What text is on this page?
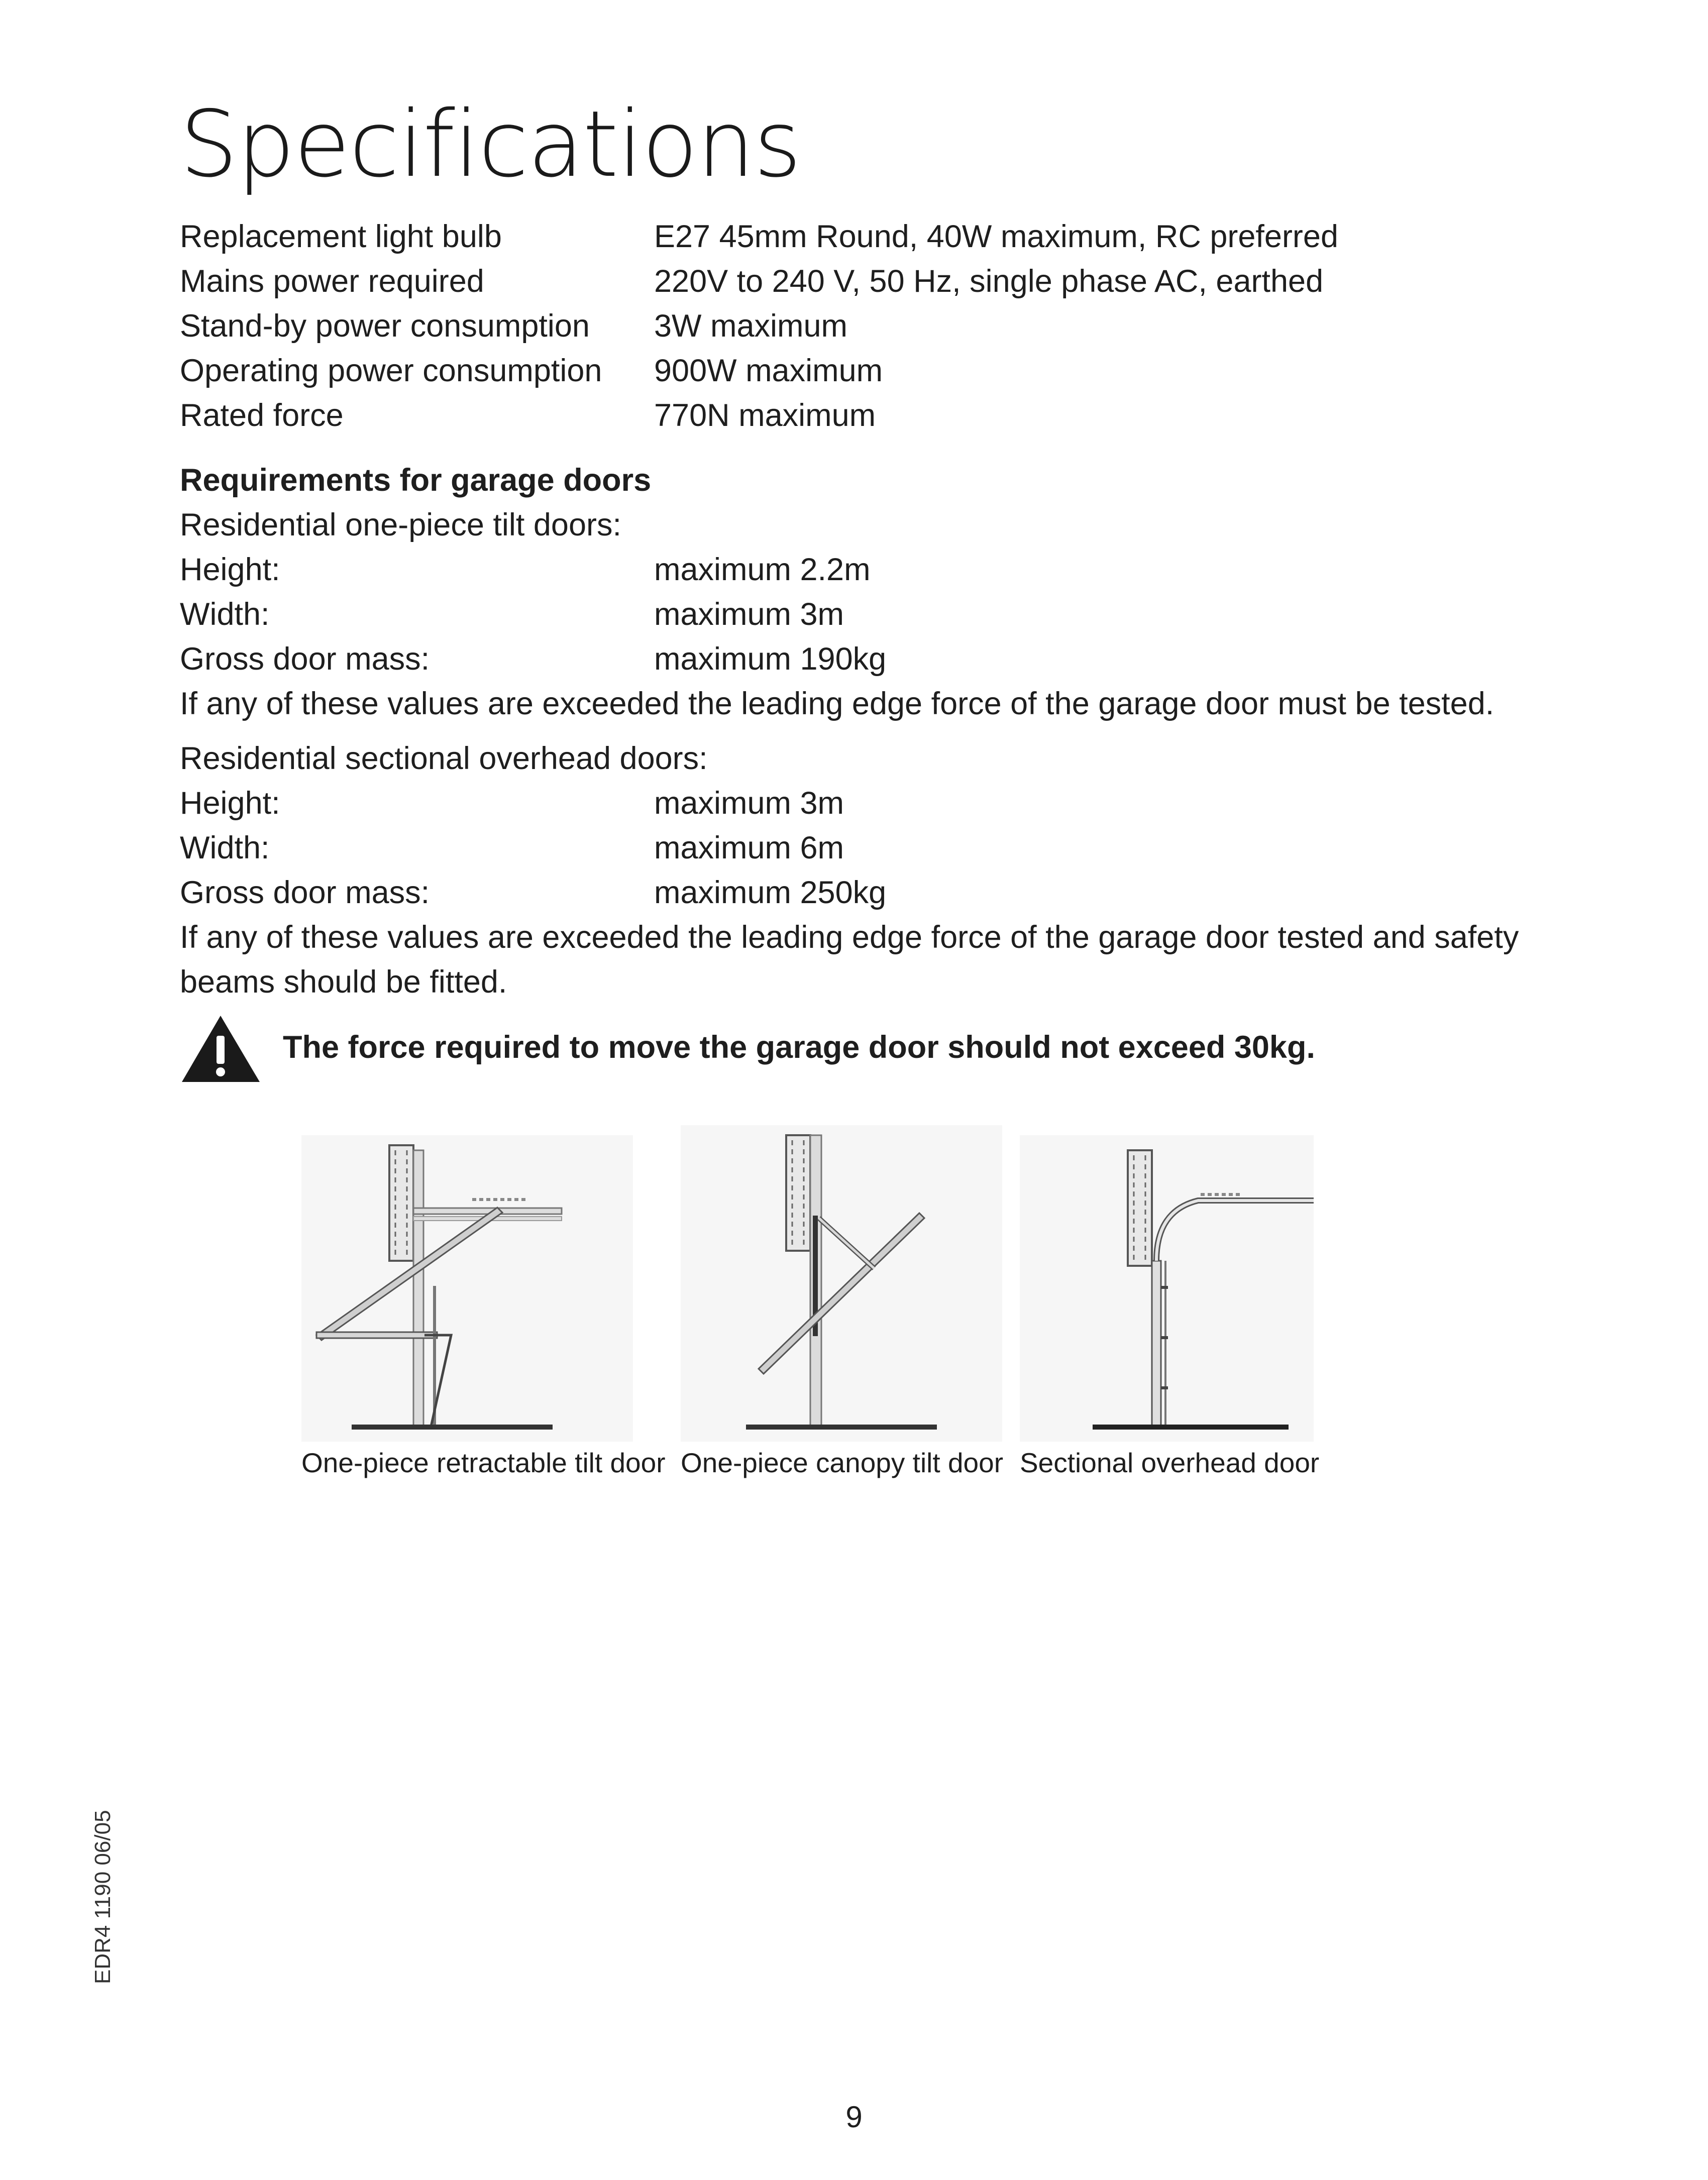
Specifications
Replacement light bulb	E27 45mm Round, 40W maximum, RC preferred
Mains power required	220V to 240 V, 50 Hz, single phase AC, earthed
Stand-by power consumption	3W maximum
Operating power consumption	900W maximum
Rated force	770N maximum
Requirements for garage doors
Residential one-piece tilt doors:
Height:	maximum 2.2m
Width:	maximum 3m
Gross door mass:	maximum 190kg
If any of these values are exceeded the leading edge force of the garage door must be tested.
Residential sectional overhead doors:
Height:	maximum 3m
Width:	maximum 6m
Gross door mass:	maximum 250kg
If any of these values are exceeded the leading edge force of the garage door tested and safety beams should be fitted.
The force required to move the garage door should not exceed 30kg.
One-piece retractable tilt door One-piece canopy tilt door Sectional overhead door
EDR4 1190 06/05
9
